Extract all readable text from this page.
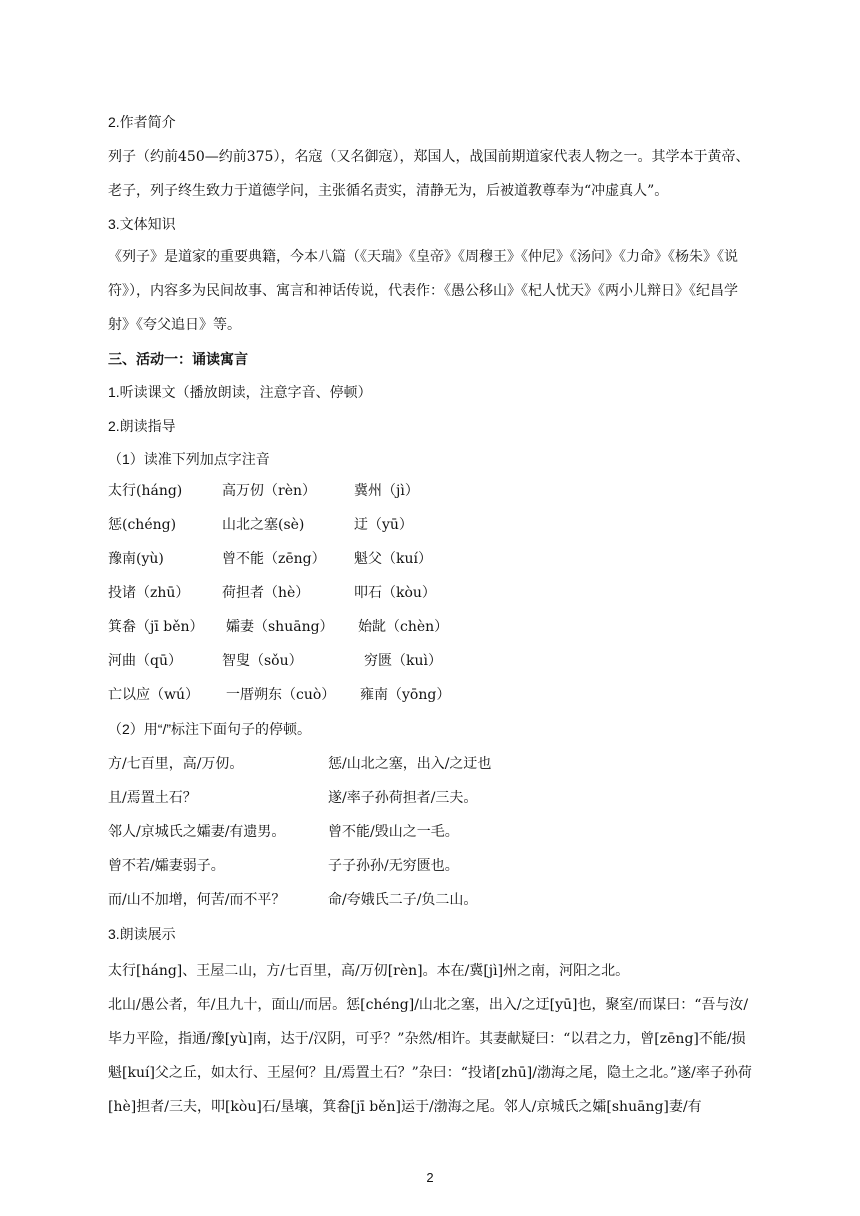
2.作者简介
列子（约前450—约前375），名寇（又名御寇），郑国人，战国前期道家代表人物之一。其学本于黄帝、老子，列子终生致力于道德学问，主张循名责实，清静无为，后被道教尊奉为“冲虚真人”。
3.文体知识
《列子》是道家的重要典籍，今本八篇（《天瑞》《皇帝》《周穆王》《仲尼》《汤问》《力命》《杨朱》《说符》），内容多为民间故事、寓言和神话传说，代表作：《愚公移山》《杞人忧天》《两小儿辩日》《纪昌学射》《夸父追日》等。
三、活动一：诵读寓言
1.听读课文（播放朗读，注意字音、停顿）
2.朗读指导
（1）读准下列加点字注音
太行(háng)	高万仞（rèn）	冀州（jì）
惩(chéng)	山北之塞(sè)	迂（yū）
豫南(yù)	曾不能（zēng） 魁父（kuí）
投诸（zhū） 荷担者（hè）	叩石（kòu）
箕畚（jī běn） 孀妻（shuāng） 始龀（chèn）
河曲（qū）	智叟（sǒu）	穷匮（kuì）
亡以应（wú） 一厝朔东（cuò） 雍南（yōng）
（2）用“/”标注下面句子的停顿。
方/七百里，高/万仞。	惩/山北之塞，出入/之迂也
且/焉置土石？	遂/率子孙荷担者/三夫。
邻人/京城氏之孀妻/有遗男。	曾不能/毁山之一毛。
曾不若/孀妻弱子。	子子孙孙/无穷匮也。
而/山不加增，何苦/而不平？	命/夸娥氏二子/负二山。
3.朗读展示
太行[háng]、王屋二山，方/七百里，高/万仞[rèn]。本在/冀[jì]州之南，河阳之北。
北山/愚公者，年/且九十，面山/而居。惩[chéng]/山北之塞，出入/之迂[yū]也，聚室/而谋曰：“吾与汝/毕力平险，指通/豫[yù]南，达于/汉阴，可乎？”杂然/相许。其妻献疑曰：“以君之力，曾[zēng]不能/损魁[kuí]父之丘，如太行、王屋何？且/焉置土石？”杂曰：“投诸[zhū]/渤海之尾，隐土之北。”遂/率子孙荷[hè]担者/三夫，叩[kòu]石/垦壤，箕畚[jī běn]运于/渤海之尾。邻人/京城氏之孀[shuāng]妻/有
2
